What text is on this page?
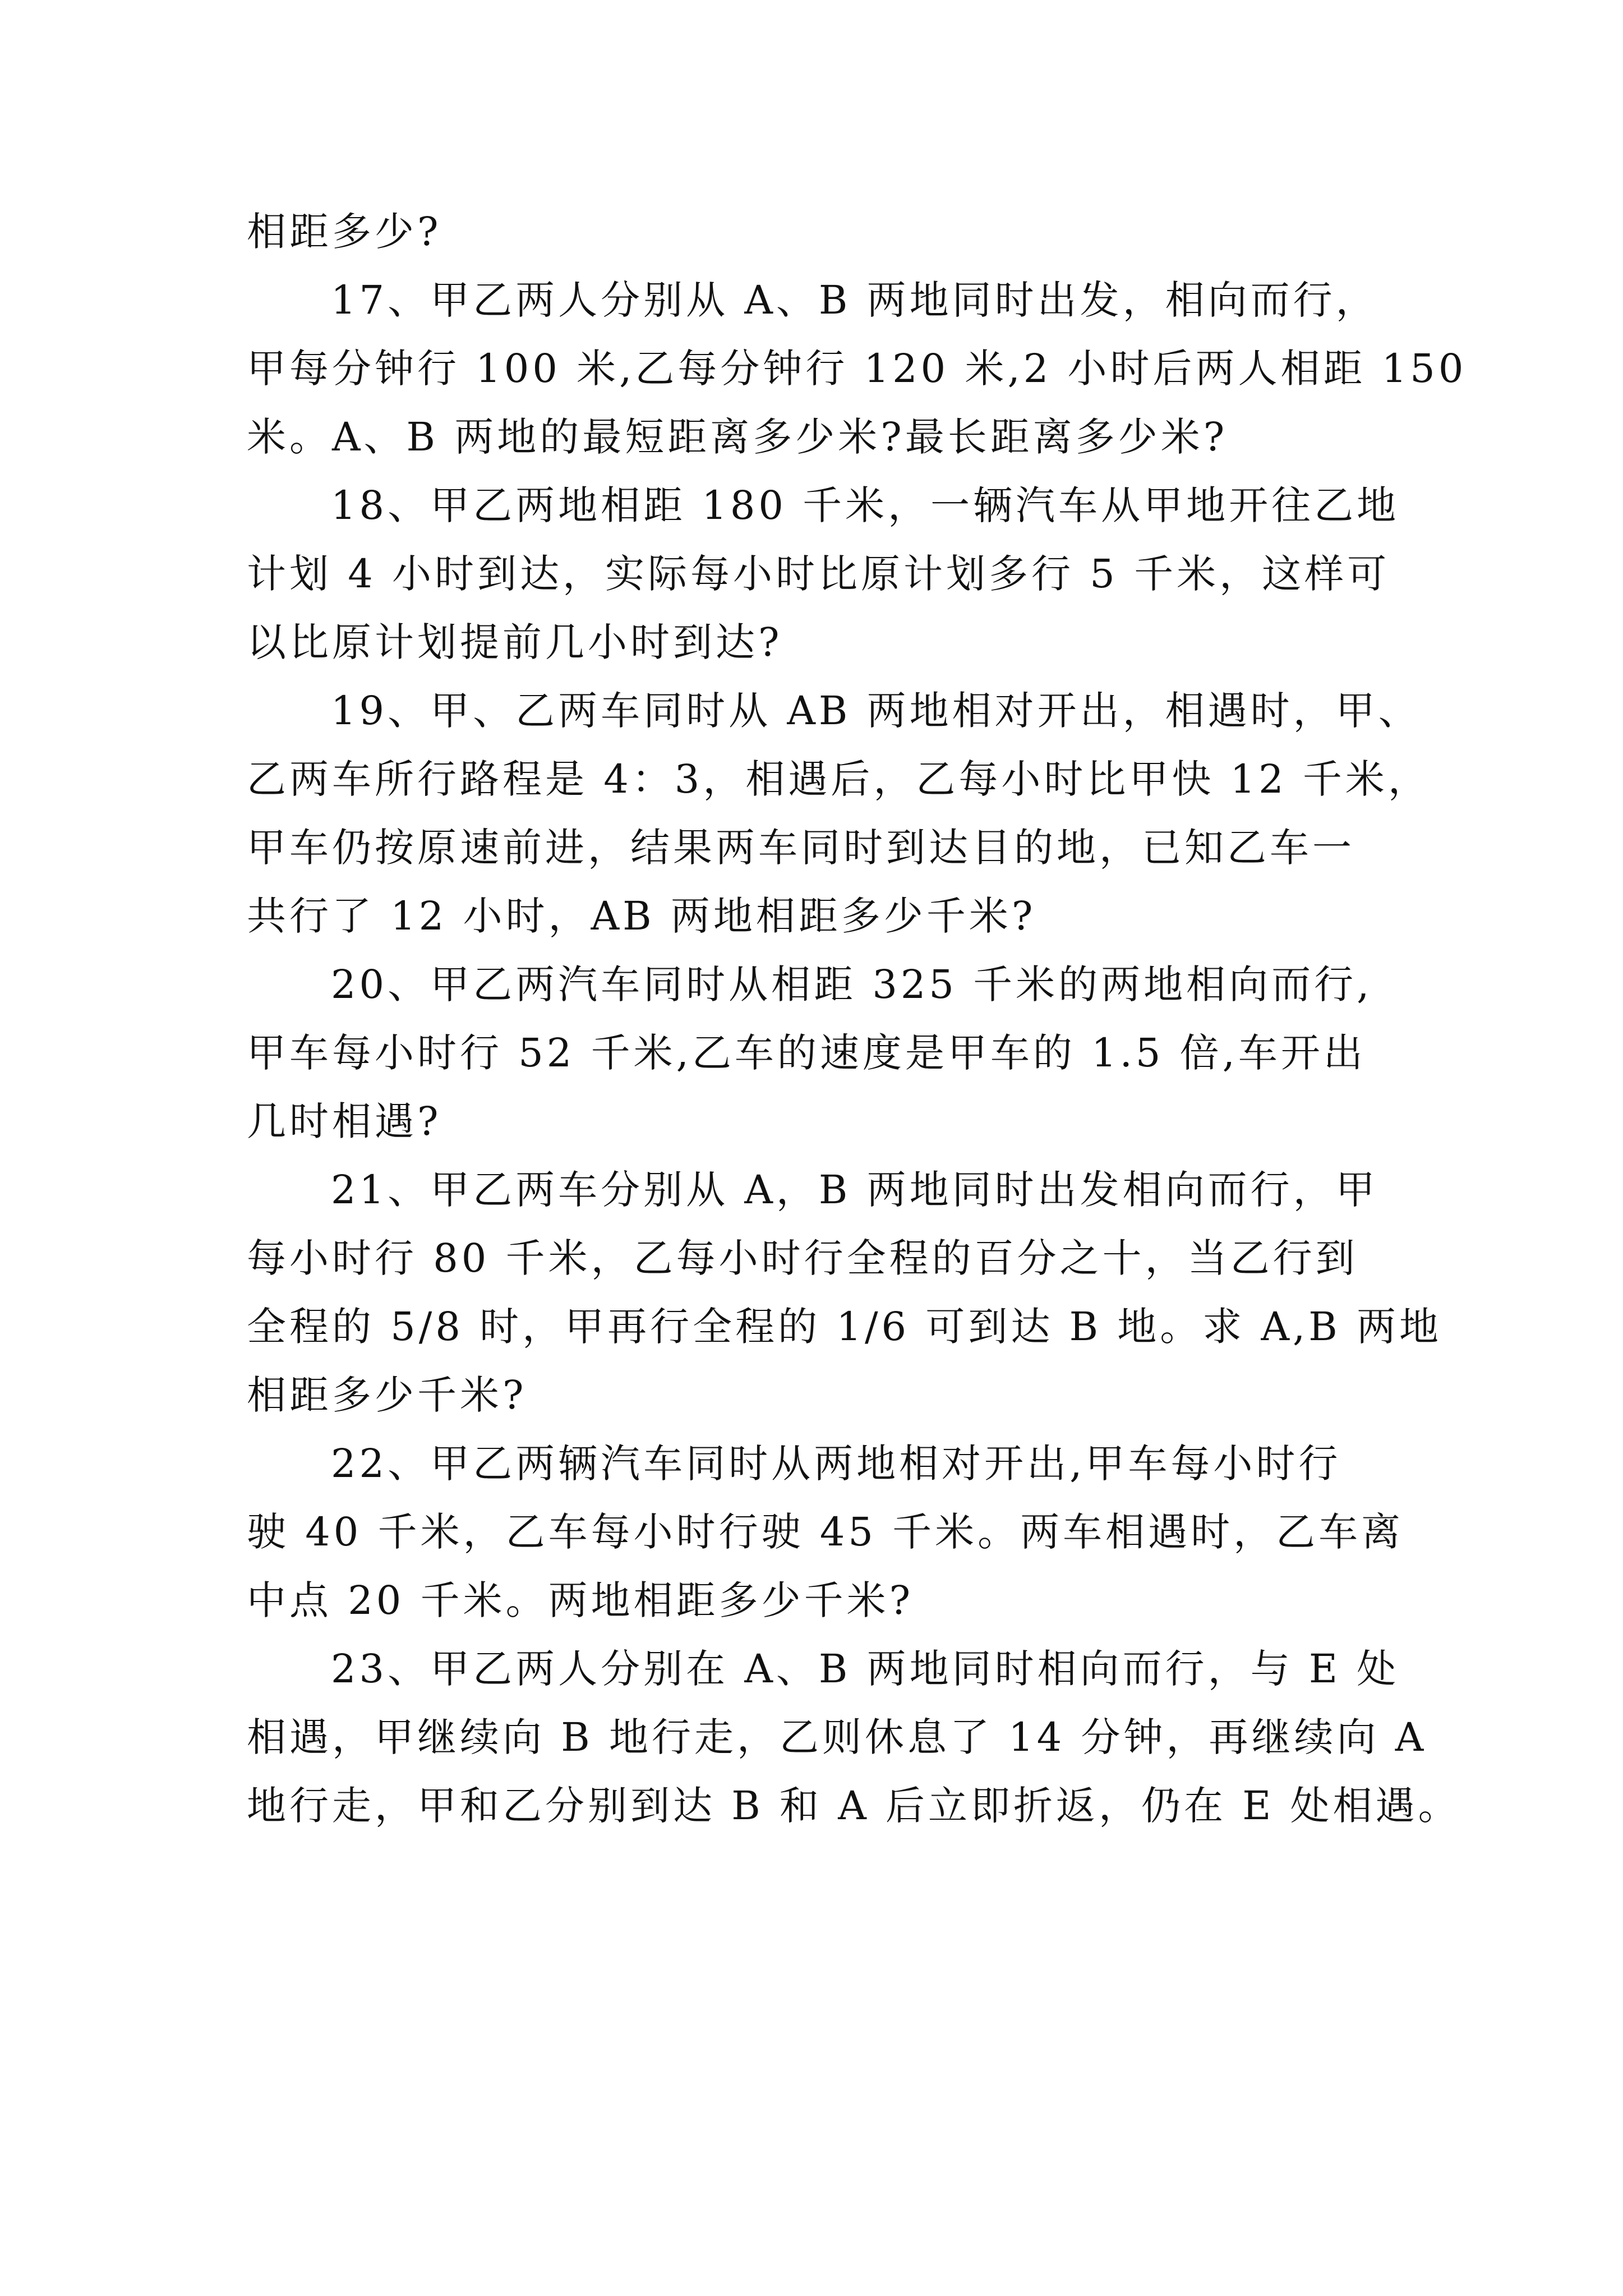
相距多少?

17、甲乙两人分别从 A、B 两地同时出发，相向而行，
甲每分钟行 100 米,乙每分钟行 120 米,2 小时后两人相距 150
米。A、B 两地的最短距离多少米?最长距离多少米?

18、甲乙两地相距 180 千米，一辆汽车从甲地开往乙地
计划 4 小时到达，实际每小时比原计划多行 5 千米，这样可
以比原计划提前几小时到达?

19、甲、乙两车同时从 AB 两地相对开出，相遇时，甲、
乙两车所行路程是 4：3，相遇后，乙每小时比甲快 12 千米，
甲车仍按原速前进，结果两车同时到达目的地，已知乙车一
共行了 12 小时，AB 两地相距多少千米?

20、甲乙两汽车同时从相距 325 千米的两地相向而行,
甲车每小时行 52 千米,乙车的速度是甲车的 1.5 倍,车开出
几时相遇?

21、甲乙两车分别从 A，B 两地同时出发相向而行，甲
每小时行 80 千米，乙每小时行全程的百分之十，当乙行到
全程的 5/8 时，甲再行全程的 1/6 可到达 B 地。求 A,B 两地
相距多少千米?

22、甲乙两辆汽车同时从两地相对开出,甲车每小时行
驶 40 千米，乙车每小时行驶 45 千米。两车相遇时，乙车离
中点 20 千米。两地相距多少千米?

23、甲乙两人分别在 A、B 两地同时相向而行，与 E 处
相遇，甲继续向 B 地行走，乙则休息了 14 分钟，再继续向 A
地行走，甲和乙分别到达 B 和 A 后立即折返，仍在 E 处相遇。
